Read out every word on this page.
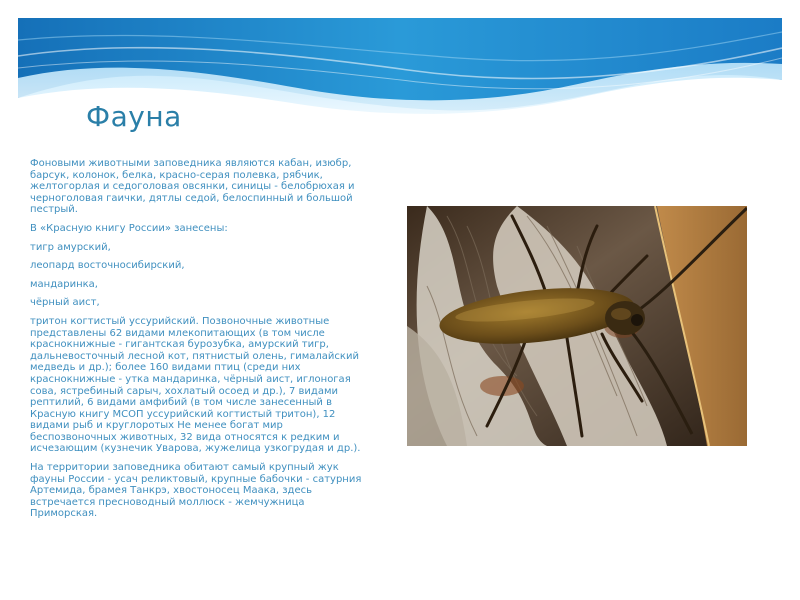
Фауна

Фоновыми животными заповедника являются кабан, изюбр, барсук, колонок, белка, красно-серая полевка, рябчик, желтогорлая и седоголовая овсянки, синицы - белобрюхая и черноголовая гаички, дятлы седой, белоспинный и большой пестрый.

В «Красную книгу России» занесены:

тигр амурский,

леопард восточносибирский,

мандаринка,

чёрный аист,

тритон когтистый уссурийский. Позвоночные животные представлены 62 видами млекопитающих (в том числе краснокнижные - гигантская бурозубка, амурский тигр, дальневосточный лесной кот, пятнистый олень, гималайский медведь и др.); более 160 видами птиц (среди них краснокнижные - утка мандаринка, чёрный аист, иглоногая сова, ястребиный сарыч, хохлатый осоед и др.), 7 видами рептилий, 6 видами амфибий (в том числе занесенный в Красную книгу МСОП уссурийский когтистый тритон), 12 видами рыб и круглоротых Не менее богат мир беспозвоночных животных, 32 вида относятся к редким и исчезающим (кузнечик Уварова, жужелица узкогрудая и др.).

На территории заповедника обитают самый крупный жук фауны России - усач реликтовый, крупные бабочки - сатурния Артемида, брамея Танкрэ, хвостоносец Маака, здесь встречается пресноводный моллюск - жемчужница Приморская.
